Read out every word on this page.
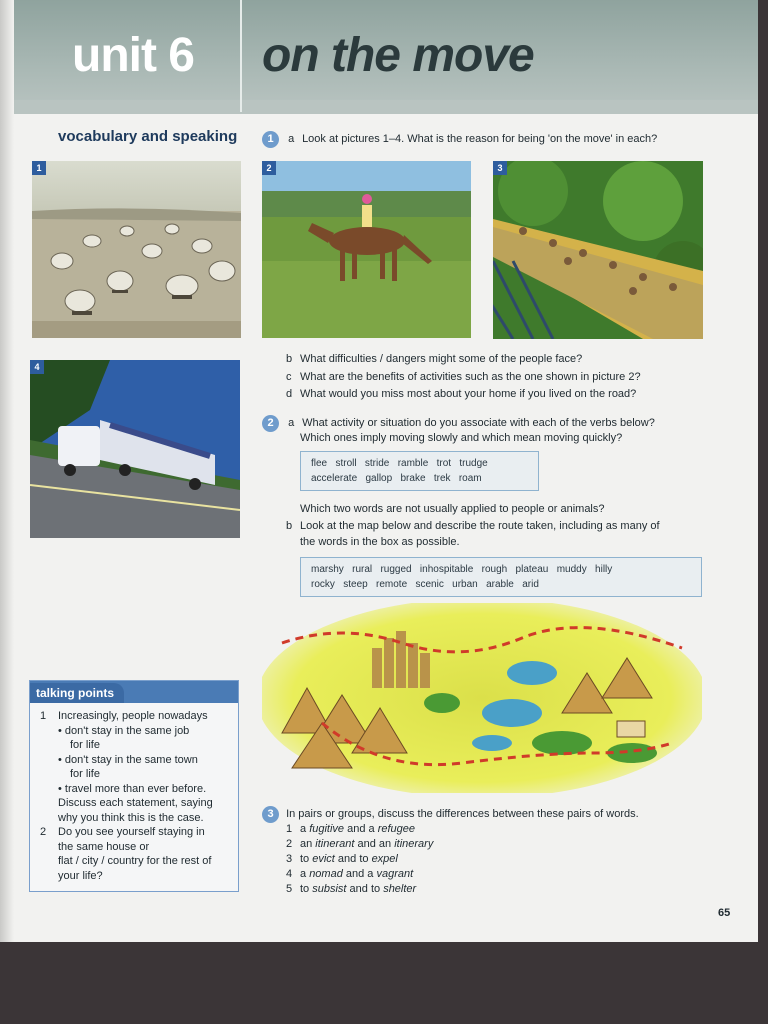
unit 6 on the move
vocabulary and speaking	1 a Look at pictures 1–4. What is the reason for being 'on the move' in each?
1	2	3
4
b What difficulties / dangers might some of the people face?
c What are the benefits of activities such as the one shown in picture 2?
d What would you miss most about your home if you lived on the road?
2 a What activity or situation do you associate with each of the verbs below?
Which ones imply moving slowly and which mean moving quickly?
flee   stroll   stride   ramble   trot   trudge
accelerate   gallop   brake   trek   roam
Which two words are not usually applied to people or animals?
b Look at the map below and describe the route taken, including as many of
the words in the box as possible.
marshy   rural   rugged   inhospitable   rough   plateau   muddy   hilly
rocky   steep   remote   scenic   urban   arable   arid
talking points
1 Increasingly, people nowadays
• don't stay in the same job
for life
• don't stay in the same town
for life
• travel more than ever before.
Discuss each statement, saying
why you think this is the case.
2 Do you see yourself staying in
the same house or
flat / city / country for the rest of
your life?
3 In pairs or groups, discuss the differences between these pairs of words.
1 a fugitive and a refugee
2 an itinerant and an itinerary
3 to evict and to expel
4 a nomad and a vagrant
5 to subsist and to shelter
65
